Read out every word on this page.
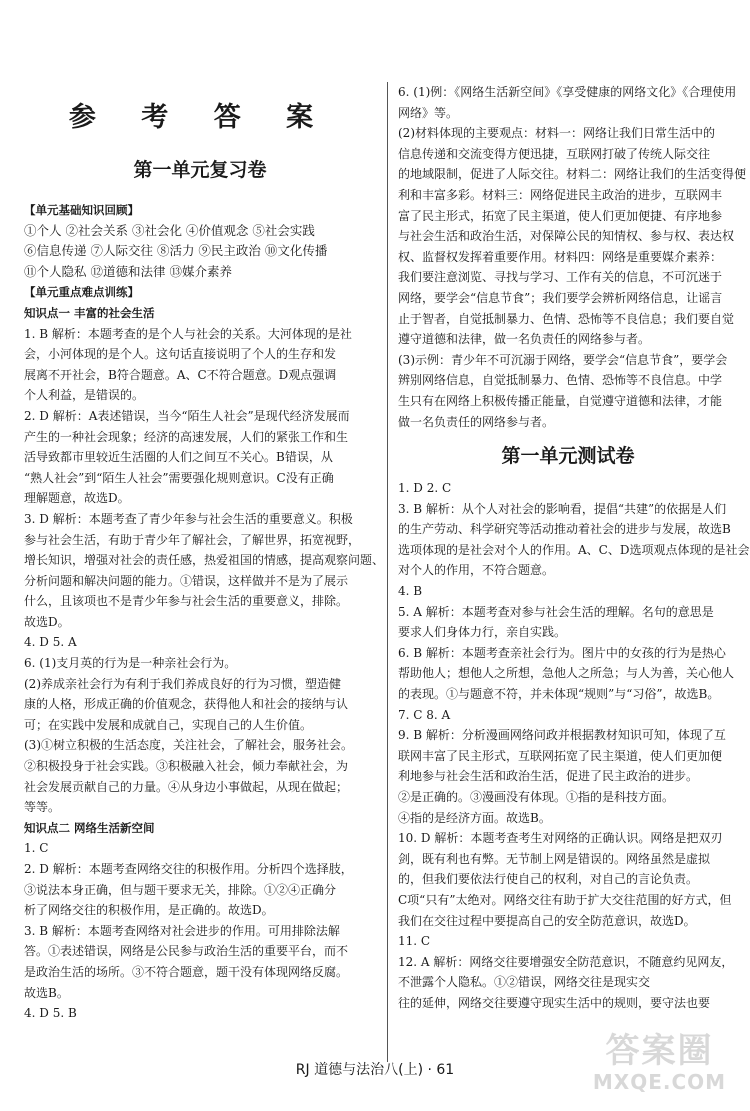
参 考 答 案
第一单元复习卷
【单元基础知识回顾】
①个人 ②社会关系 ③社会化 ④价值观念 ⑤社会实践
⑥信息传递 ⑦人际交往 ⑧活力 ⑨民主政治 ⑩文化传播
⑪个人隐私 ⑫道德和法律 ⑬媒介素养
【单元重点难点训练】
知识点一 丰富的社会生活
1. B 解析：本题考查的是个人与社会的关系。大河体现的是社
会，小河体现的是个人。这句话直接说明了个人的生存和发
展离不开社会，B符合题意。A、C不符合题意。D观点强调
个人利益，是错误的。
2. D 解析：A表述错误，当今“陌生人社会”是现代经济发展而
产生的一种社会现象；经济的高速发展，人们的紧张工作和生
活导致都市里较近生活圈的人们之间互不关心。B错误，从
“熟人社会”到“陌生人社会”需要强化规则意识。C没有正确
理解题意，故选D。
3. D 解析：本题考查了青少年参与社会生活的重要意义。积极
参与社会生活，有助于青少年了解社会，了解世界，拓宽视野，
增长知识，增强对社会的责任感，热爱祖国的情感，提高观察问题、
分析问题和解决问题的能力。①错误，这样做并不是为了展示
什么，且该项也不是青少年参与社会生活的重要意义，排除。
故选D。
4. D 5. A
6. (1)支月英的行为是一种亲社会行为。
(2)养成亲社会行为有利于我们养成良好的行为习惯，塑造健
康的人格，形成正确的价值观念，获得他人和社会的接纳与认
可；在实践中发展和成就自己，实现自己的人生价值。
(3)①树立积极的生活态度，关注社会，了解社会，服务社会。
②积极投身于社会实践。③积极融入社会，倾力奉献社会，为
社会发展贡献自己的力量。④从身边小事做起，从现在做起；
等等。
知识点二 网络生活新空间
1. C
2. D 解析：本题考查网络交往的积极作用。分析四个选择肢，
③说法本身正确，但与题干要求无关，排除。①②④正确分
析了网络交往的积极作用，是正确的。故选D。
3. B 解析：本题考查网络对社会进步的作用。可用排除法解
答。①表述错误，网络是公民参与政治生活的重要平台，而不
是政治生活的场所。③不符合题意，题干没有体现网络反腐。
故选B。
4. D 5. B
6. (1)例：《网络生活新空间》《享受健康的网络文化》《合理使用
网络》等。
(2)材料体现的主要观点：材料一：网络让我们日常生活中的
信息传递和交流变得方便迅捷，互联网打破了传统人际交往
的地域限制，促进了人际交往。材料二：网络让我们的生活变得便
利和丰富多彩。材料三：网络促进民主政治的进步，互联网丰
富了民主形式，拓宽了民主渠道，使人们更加便捷、有序地参
与社会生活和政治生活，对保障公民的知情权、参与权、表达权
权、监督权发挥着重要作用。材料四：网络是重要媒介素养：
我们要注意浏览、寻找与学习、工作有关的信息，不可沉迷于
网络，要学会“信息节食”；我们要学会辨析网络信息，让谣言
止于智者，自觉抵制暴力、色情、恐怖等不良信息；我们要自觉
遵守道德和法律，做一名负责任的网络参与者。
(3)示例：青少年不可沉溺于网络，要学会“信息节食”，要学会
辨别网络信息，自觉抵制暴力、色情、恐怖等不良信息。中学
生只有在网络上积极传播正能量，自觉遵守道德和法律，才能
做一名负责任的网络参与者。
第一单元测试卷
1. D 2. C
3. B 解析：从个人对社会的影响看，提倡“共建”的依据是人们
的生产劳动、科学研究等活动推动着社会的进步与发展，故选B
选项体现的是社会对个人的作用。A、C、D选项观点体现的是社会
对个人的作用，不符合题意。
4. B
5. A 解析：本题考查对参与社会生活的理解。名句的意思是
要求人们身体力行，亲自实践。
6. B 解析：本题考查亲社会行为。图片中的女孩的行为是热心
帮助他人；想他人之所想，急他人之所急；与人为善，关心他人
的表现。①与题意不符，并未体现“规则”与“习俗”，故选B。
7. C 8. A
9. B 解析：分析漫画网络问政并根据教材知识可知，体现了互
联网丰富了民主形式，互联网拓宽了民主渠道，使人们更加便
利地参与社会生活和政治生活，促进了民主政治的进步。
②是正确的。③漫画没有体现。①指的是科技方面。
④指的是经济方面。故选B。
10. D 解析：本题考查考生对网络的正确认识。网络是把双刃
剑，既有利也有弊。无节制上网是错误的。网络虽然是虚拟
的，但我们要依法行使自己的权利，对自己的言论负责。
C项“只有”太绝对。网络交往有助于扩大交往范围的好方式，但
我们在交往过程中要提高自己的安全防范意识，故选D。
11. C
12. A 解析：网络交往要增强安全防范意识，不随意约见网友，
不泄露个人隐私。①②错误，网络交往是现实交
往的延伸，网络交往要遵守现实生活中的规则，要守法也要
RJ 道德与法治八(上) · 61	答案圈
MXQE.COM
